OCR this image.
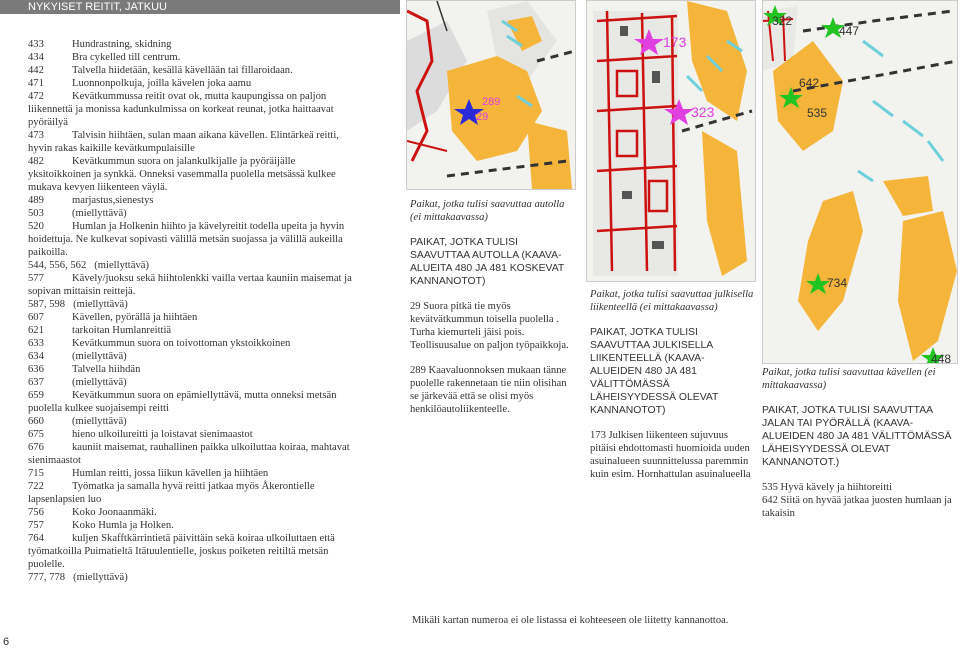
NYKYISET REITIT, JATKUU
433	Hundrastning, skidning
434	Bra cykelled till centrum.
442	Talvella hiidetään, kesällä kävellään tai fillaroidaan.
471	Luonnonpolkuja, joilla kävelen joka aamu
472	Kevätkummussa reitit ovat ok, mutta kaupungissa on paljon liikennettä ja monissa kadunkulmissa on korkeat reunat, jotka haittaavat pyöräilyä
473	Talvisin hiihtäen, sulan maan aikana kävellen. Elintärkeä reitti, hyvin rakas kaikille kevätkumpulaisille
482	Kevätkummun suora on jalankulkijalle ja pyöräijälle yksitoikkoinen ja synkkä. Onneksi vasemmalla puolella metsässä kulkee mukava kevyen liikenteen väylä.
489	marjastus,sienestys
503	(miellyttävä)
520	Humlan ja Holkenin hiihto ja kävelyreitit todella upeita ja hyvin hoidettuja. Ne kulkevat sopivasti välillä metsän suojassa ja välillä aukeilla paikoilla.
544, 556, 562 (miellyttävä)
577	Kävely/juoksu sekä hiihtolenkki vailla vertaa kauniin maisemat ja sopivan mittaisin reittejä.
587, 598 (miellyttävä)
607	Kävellen, pyörällä ja hiihtäen
621	tarkoitan Humlanreittiä
633	Kevätkummun suora on toivottoman ykstoikkoinen
634	(miellyttävä)
636	Talvella hiihdän
637	(miellyttävä)
659	Kevätkummun suora on epämiellyttävä, mutta onneksi metsän puolella kulkee suojaisempi reitti
660	(miellyttävä)
675	hieno ulkoilureitti ja loistavat sienimaastot
676	kauniit maisemat, rauhallinen paikka ulkoiluttaa koiraa, mahtavat sienimaastot
715	Humlan reitti, jossa liikun kävellen ja hiihtäen
722	Työmatka ja samalla hyvä reitti jatkaa myös Åkerontielle lapsenlapsien luo
756	Koko Joonaanmäki.
757	Koko Humla ja Holken.
764	kuljen Skafftkärrintietä päivittäin sekä koiraa ulkoiluttaen että työmatkoilla Puimatieltä Itätuulentielle, joskus poiketen reitiltä metsän puolelle.
777, 778 (miellyttävä)
6
289
29
173
323
322
447
642
535
734
448
Paikat, jotka tulisi saavuttaa autolla (ei mittakaavassa)
PAIKAT, JOTKA TULISI SAAVUTTAA AUTOLLA (KAAVA-ALUEITA 480 JA 481 KOSKEVAT KANNANOTOT)

29 Suora pitkä tie myös kevätvätkummun toisella puolella . Turha kiemurteli jäisi pois. Teollisuusalue on paljon työpaikkoja.

289 Kaavaluonnoksen mukaan tänne puolelle rakennetaan tie niin olisihan se järkevää että se olisi myös henkilöautoliikenteelle.

Paikat, jotka tulisi saavuttaa julkisella liikenteellä (ei mittakaavassa)
PAIKAT, JOTKA TULISI SAAVUTTAA JULKISELLA LIIKENTEELLÄ (KAAVA-ALUEIDEN 480 JA 481 VÄLITTÖMÄSSÄ LÄHEISYYDESSÄ OLEVAT KANNANOTOT)

173 Julkisen liikenteen sujuvuus pitäisi ehdottomasti huomioida uuden asuinalueen suunnittelussa paremmin kuin esim. Hornhattulan asuinalueella

Paikat, jotka tulisi saavuttaa kävellen (ei mittakaavassa)
PAIKAT, JOTKA TULISI SAAVUTTAA JALAN TAI PYÖRÄLLÄ (KAAVA-ALUEIDEN 480 JA 481 VÄLITTÖMÄSSÄ LÄHEISYYDESSÄ OLEVAT KANNANOTOT.)

535 Hyvä kävely ja hiihtoreitti

642 Siitä on hyvää jatkaa juosten humlaan ja takaisin

Mikäli kartan numeroa ei ole listassa ei kohteeseen ole liitetty kannanottoa.
